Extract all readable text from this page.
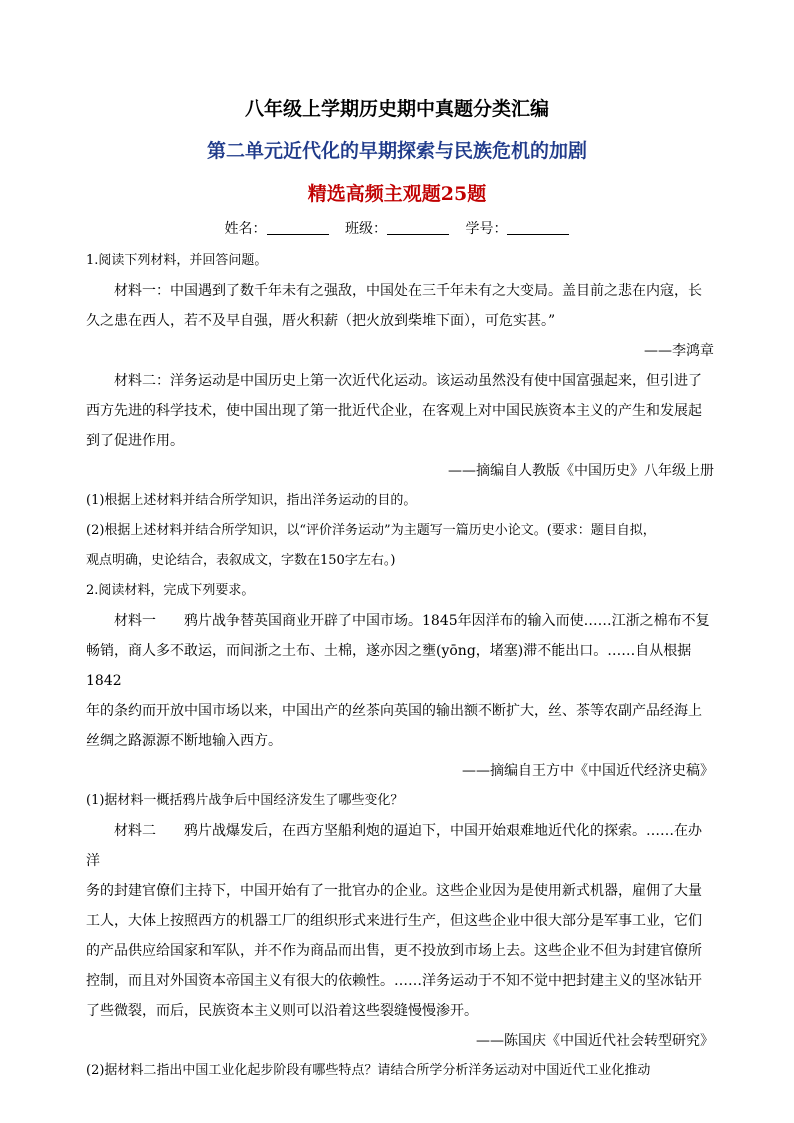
八年级上学期历史期中真题分类汇编
第二单元近代化的早期探索与民族危机的加剧
精选高频主观题25题
姓名：	班级：	学号：

1.阅读下列材料，并回答问题。

材料一：中国遇到了数千年未有之强敌，中国处在三千年未有之大变局。盖目前之悲在内寇，长

久之患在西人，若不及早自强，厝火积薪（把火放到柴堆下面），可危实甚。”

——李鸿章

材料二：洋务运动是中国历史上第一次近代化运动。该运动虽然没有使中国富强起来，但引进了

西方先进的科学技术，使中国出现了第一批近代企业，在客观上对中国民族资本主义的产生和发展起

到了促进作用。

——摘编自人教版《中国历史》八年级上册

(1)根据上述材料并结合所学知识，指出洋务运动的目的。

(2)根据上述材料并结合所学知识，以“评价洋务运动”为主题写一篇历史小论文。(要求：题目自拟，

观点明确，史论结合，表叙成文，字数在150字左右。)

2.阅读材料，完成下列要求。

材料一　　鸦片战争替英国商业开辟了中国市场。1845年因洋布的输入而使……江浙之棉布不复

畅销，商人多不敢运，而间浙之土布、土棉，遂亦因之壅(yōng，堵塞)滞不能出口。……自从根据1842

年的条约而开放中国市场以来，中国出产的丝茶向英国的输出额不断扩大，丝、茶等农副产品经海上

丝绸之路源源不断地输入西方。

——摘编自王方中《中国近代经济史稿》

(1)据材料一概括鸦片战争后中国经济发生了哪些变化？

材料二　　鸦片战爆发后，在西方坚船利炮的逼迫下，中国开始艰难地近代化的探索。……在办洋

务的封建官僚们主持下，中国开始有了一批官办的企业。这些企业因为是使用新式机器，雇佣了大量

工人，大体上按照西方的机器工厂的组织形式来进行生产，但这些企业中很大部分是军事工业，它们

的产品供应给国家和军队，并不作为商品而出售，更不投放到市场上去。这些企业不但为封建官僚所

控制，而且对外国资本帝国主义有很大的依赖性。……洋务运动于不知不觉中把封建主义的坚冰钻开

了些微裂，而后，民族资本主义则可以沿着这些裂缝慢慢渗开。

——陈国庆《中国近代社会转型研究》

(2)据材料二指出中国工业化起步阶段有哪些特点？请结合所学分析洋务运动对中国近代工业化推动
